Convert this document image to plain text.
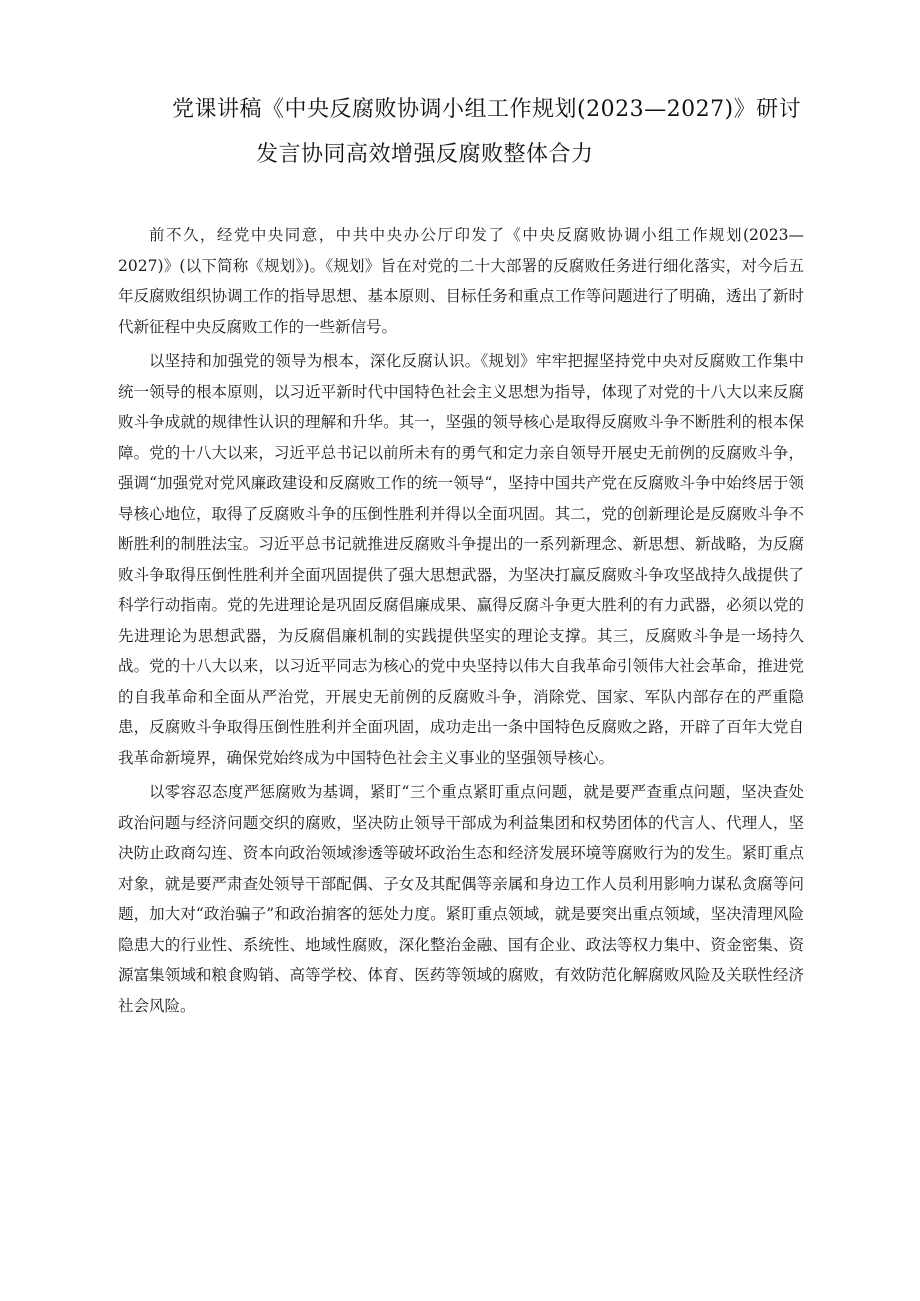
党课讲稿《中央反腐败协调小组工作规划(2023—2027)》研讨
发言协同高效增强反腐败整体合力

前不久，经党中央同意，中共中央办公厅印发了《中央反腐败协调小组工作规划(2023—2027)》(以下简称《规划》)。《规划》旨在对党的二十大部署的反腐败任务进行细化落实，对今后五年反腐败组织协调工作的指导思想、基本原则、目标任务和重点工作等问题进行了明确，透出了新时代新征程中央反腐败工作的一些新信号。

以坚持和加强党的领导为根本，深化反腐认识。《规划》牢牢把握坚持党中央对反腐败工作集中统一领导的根本原则，以习近平新时代中国特色社会主义思想为指导，体现了对党的十八大以来反腐败斗争成就的规律性认识的理解和升华。其一，坚强的领导核心是取得反腐败斗争不断胜利的根本保障。党的十八大以来，习近平总书记以前所未有的勇气和定力亲自领导开展史无前例的反腐败斗争，强调“加强党对党风廉政建设和反腐败工作的统一领导“，坚持中国共产党在反腐败斗争中始终居于领导核心地位，取得了反腐败斗争的压倒性胜利并得以全面巩固。其二，党的创新理论是反腐败斗争不断胜利的制胜法宝。习近平总书记就推进反腐败斗争提出的一系列新理念、新思想、新战略，为反腐败斗争取得压倒性胜利并全面巩固提供了强大思想武器，为坚决打赢反腐败斗争攻坚战持久战提供了科学行动指南。党的先进理论是巩固反腐倡廉成果、赢得反腐斗争更大胜利的有力武器，必须以党的先进理论为思想武器，为反腐倡廉机制的实践提供坚实的理论支撑。其三，反腐败斗争是一场持久战。党的十八大以来，以习近平同志为核心的党中央坚持以伟大自我革命引领伟大社会革命，推进党的自我革命和全面从严治党，开展史无前例的反腐败斗争，消除党、国家、军队内部存在的严重隐患，反腐败斗争取得压倒性胜利并全面巩固，成功走出一条中国特色反腐败之路，开辟了百年大党自我革命新境界，确保党始终成为中国特色社会主义事业的坚强领导核心。

以零容忍态度严惩腐败为基调，紧盯“三个重点紧盯重点问题，就是要严查重点问题，坚决查处政治问题与经济问题交织的腐败，坚决防止领导干部成为利益集团和权势团体的代言人、代理人，坚决防止政商勾连、资本向政治领域渗透等破坏政治生态和经济发展环境等腐败行为的发生。紧盯重点对象，就是要严肃查处领导干部配偶、子女及其配偶等亲属和身边工作人员利用影响力谋私贪腐等问题，加大对“政治骗子”和政治掮客的惩处力度。紧盯重点领域，就是要突出重点领域，坚决清理风险隐患大的行业性、系统性、地域性腐败，深化整治金融、国有企业、政法等权力集中、资金密集、资源富集领域和粮食购销、高等学校、体育、医药等领域的腐败，有效防范化解腐败风险及关联性经济社会风险。
